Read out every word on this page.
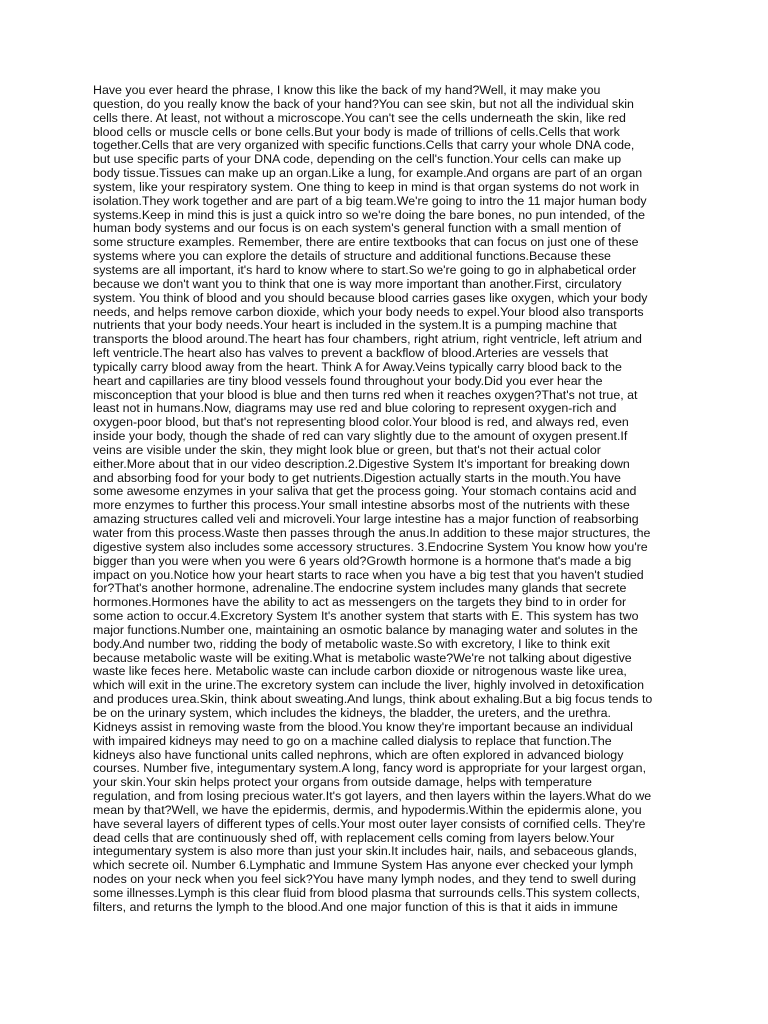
Have you ever heard the phrase, I know this like the back of my hand?Well, it may make you
question, do you really know the back of your hand?You can see skin, but not all the individual skin
cells there. At least, not without a microscope.You can't see the cells underneath the skin, like red
blood cells or muscle cells or bone cells.But your body is made of trillions of cells.Cells that work
together.Cells that are very organized with specific functions.Cells that carry your whole DNA code,
but use specific parts of your DNA code, depending on the cell's function.Your cells can make up
body tissue.Tissues can make up an organ.Like a lung, for example.And organs are part of an organ
system, like your respiratory system. One thing to keep in mind is that organ systems do not work in
isolation.They work together and are part of a big team.We're going to intro the 11 major human body
systems.Keep in mind this is just a quick intro so we're doing the bare bones, no pun intended, of the
human body systems and our focus is on each system's general function with a small mention of
some structure examples. Remember, there are entire textbooks that can focus on just one of these
systems where you can explore the details of structure and additional functions.Because these
systems are all important, it's hard to know where to start.So we're going to go in alphabetical order
because we don't want you to think that one is way more important than another.First, circulatory
system. You think of blood and you should because blood carries gases like oxygen, which your body
needs, and helps remove carbon dioxide, which your body needs to expel.Your blood also transports
nutrients that your body needs.Your heart is included in the system.It is a pumping machine that
transports the blood around.The heart has four chambers, right atrium, right ventricle, left atrium and
left ventricle.The heart also has valves to prevent a backflow of blood.Arteries are vessels that
typically carry blood away from the heart. Think A for Away.Veins typically carry blood back to the
heart and capillaries are tiny blood vessels found throughout your body.Did you ever hear the
misconception that your blood is blue and then turns red when it reaches oxygen?That's not true, at
least not in humans.Now, diagrams may use red and blue coloring to represent oxygen-rich and
oxygen-poor blood, but that's not representing blood color.Your blood is red, and always red, even
inside your body, though the shade of red can vary slightly due to the amount of oxygen present.If
veins are visible under the skin, they might look blue or green, but that's not their actual color
either.More about that in our video description.2.Digestive System It's important for breaking down
and absorbing food for your body to get nutrients.Digestion actually starts in the mouth.You have
some awesome enzymes in your saliva that get the process going. Your stomach contains acid and
more enzymes to further this process.Your small intestine absorbs most of the nutrients with these
amazing structures called veli and microveli.Your large intestine has a major function of reabsorbing
water from this process.Waste then passes through the anus.In addition to these major structures, the
digestive system also includes some accessory structures. 3.Endocrine System You know how you're
bigger than you were when you were 6 years old?Growth hormone is a hormone that's made a big
impact on you.Notice how your heart starts to race when you have a big test that you haven't studied
for?That's another hormone, adrenaline.The endocrine system includes many glands that secrete
hormones.Hormones have the ability to act as messengers on the targets they bind to in order for
some action to occur.4.Excretory System It's another system that starts with E. This system has two
major functions.Number one, maintaining an osmotic balance by managing water and solutes in the
body.And number two, ridding the body of metabolic waste.So with excretory, I like to think exit
because metabolic waste will be exiting.What is metabolic waste?We're not talking about digestive
waste like feces here. Metabolic waste can include carbon dioxide or nitrogenous waste like urea,
which will exit in the urine.The excretory system can include the liver, highly involved in detoxification
and produces urea.Skin, think about sweating.And lungs, think about exhaling.But a big focus tends to
be on the urinary system, which includes the kidneys, the bladder, the ureters, and the urethra.
Kidneys assist in removing waste from the blood.You know they're important because an individual
with impaired kidneys may need to go on a machine called dialysis to replace that function.The
kidneys also have functional units called nephrons, which are often explored in advanced biology
courses. Number five, integumentary system.A long, fancy word is appropriate for your largest organ,
your skin.Your skin helps protect your organs from outside damage, helps with temperature
regulation, and from losing precious water.It's got layers, and then layers within the layers.What do we
mean by that?Well, we have the epidermis, dermis, and hypodermis.Within the epidermis alone, you
have several layers of different types of cells.Your most outer layer consists of cornified cells. They're
dead cells that are continuously shed off, with replacement cells coming from layers below.Your
integumentary system is also more than just your skin.It includes hair, nails, and sebaceous glands,
which secrete oil. Number 6.Lymphatic and Immune System Has anyone ever checked your lymph
nodes on your neck when you feel sick?You have many lymph nodes, and they tend to swell during
some illnesses.Lymph is this clear fluid from blood plasma that surrounds cells.This system collects,
filters, and returns the lymph to the blood.And one major function of this is that it aids in immune
